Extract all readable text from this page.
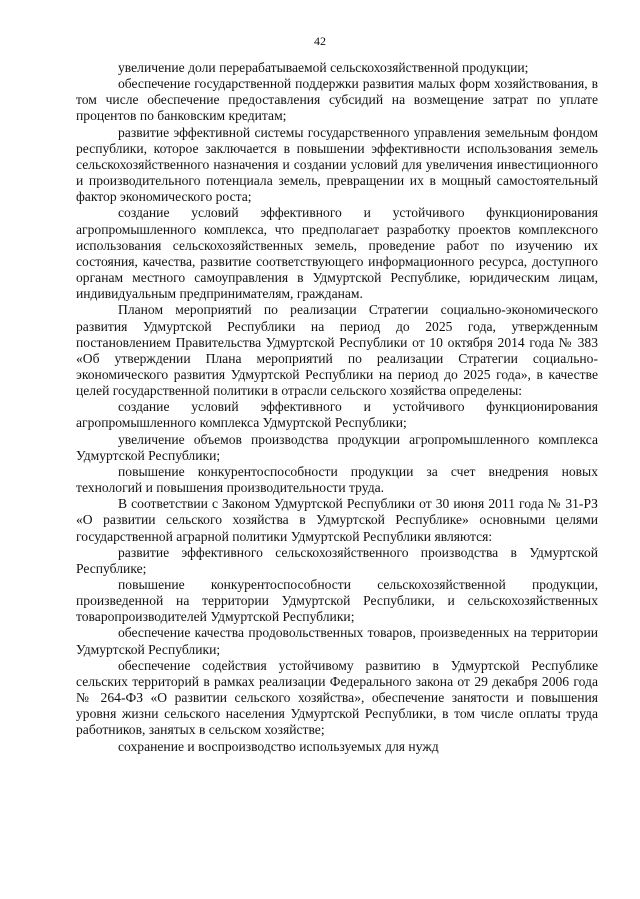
42

увеличение доли перерабатываемой сельскохозяйственной продукции;

обеспечение государственной поддержки развития малых форм хозяйствования, в том числе обеспечение предоставления субсидий на возмещение затрат по уплате процентов по банковским кредитам;

развитие эффективной системы государственного управления земельным фондом республики, которое заключается в повышении эффективности использования земель сельскохозяйственного назначения и создании условий для увеличения инвестиционного и производительного потенциала земель, превращении их в мощный самостоятельный фактор экономического роста;

создание условий эффективного и устойчивого функционирования агропромышленного комплекса, что предполагает разработку проектов комплексного использования сельскохозяйственных земель, проведение работ по изучению их состояния, качества, развитие соответствующего информационного ресурса, доступного органам местного самоуправления в Удмуртской Республике, юридическим лицам, индивидуальным предпринимателям, гражданам.

Планом мероприятий по реализации Стратегии социально-экономического развития Удмуртской Республики на период до 2025 года, утвержденным постановлением Правительства Удмуртской Республики от 10 октября 2014 года № 383 «Об утверждении Плана мероприятий по реализации Стратегии социально-экономического развития Удмуртской Республики на период до 2025 года», в качестве целей государственной политики в отрасли сельского хозяйства определены:

создание условий эффективного и устойчивого функционирования агропромышленного комплекса Удмуртской Республики;

увеличение объемов производства продукции агропромышленного комплекса Удмуртской Республики;

повышение конкурентоспособности продукции за счет внедрения новых технологий и повышения производительности труда.

В соответствии с Законом Удмуртской Республики от 30 июня 2011 года № 31-РЗ «О развитии сельского хозяйства в Удмуртской Республике» основными целями государственной аграрной политики Удмуртской Республики являются:

развитие эффективного сельскохозяйственного производства в Удмуртской Республике;

повышение конкурентоспособности сельскохозяйственной продукции, произведенной на территории Удмуртской Республики, и сельскохозяйственных товаропроизводителей Удмуртской Республики;

обеспечение качества продовольственных товаров, произведенных на территории Удмуртской Республики;

обеспечение содействия устойчивому развитию в Удмуртской Республике сельских территорий в рамках реализации Федерального закона от 29 декабря 2006 года № 264-ФЗ «О развитии сельского хозяйства», обеспечение занятости и повышения уровня жизни сельского населения Удмуртской Республики, в том числе оплаты труда работников, занятых в сельском хозяйстве;

сохранение и воспроизводство используемых для нужд
